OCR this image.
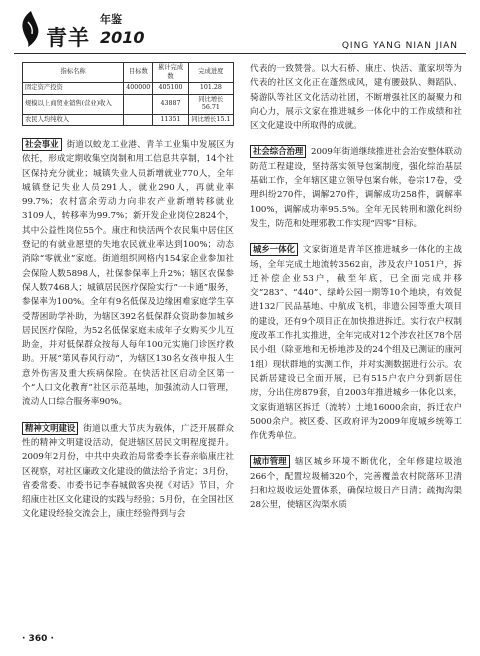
青羊
年鉴
2010	QING YANG NIAN JIAN
指标名称	目标数	累计完成数	完成进度
固定资产投资	400000	405100	101.28
规模以上商贸业销售(营业)收入		43887	同比增长56.71
农民人均纯收入		11351	同比增长15.1

社会事业 街道以蛟龙工业港、青羊工业集中发展区为依托，形成定期收集空岗制和用工信息共享制，14个社区保持充分就业；城镇失业人员新增就业770人，全年城镇登记失业人员291人，就业290人，再就业率99.7%；农村富余劳动力向非农产业新增转移就业3109人，转移率为99.7%；新开发企业岗位2824个，其中公益性岗位55个。康庄和快活两个农民集中居住区登记的有就业愿望的失地农民就业率达到100%；动态消除“零就业”家庭。街道组织网格内154家企业参加社会保险人数5898人，社保参保率上升2%；辖区农保参保人数7468人；城镇居民医疗保险实行“一卡通”服务，参保率为100%。全年有9名低保及边缘困难家庭学生享受帮困助学补助，为辖区392名低保群众资助参加城乡居民医疗保险，为52名低保家庭未成年子女购买少儿互助金，并对低保群众按每人每年100元实施门诊医疗救助。开展“第风春风行动”，为辖区130名女孩申报人生意外伤害及重大疾病保险。在快活社区启动全区第一个“人口文化教育”社区示范基地，加强流动人口管理，流动人口综合服务率90%。

精神文明建设 街道以重大节庆为载体，广泛开展群众性的精神文明建设活动，促进辖区居民文明程度提升。2009年2月份，中共中央政治局常委李长春亲临康庄社区视察，对社区廉政文化建设的做法给予肯定；3月份，省委常委、市委书记李春城做客央视《对话》节目，介绍康庄社区文化建设的实践与经验；5月份，在全国社区文化建设经验交流会上，康庄经验得到与会

代表的一致赞誉。以大石桥、康庄、快活、董家坝等为代表的社区文化正在蓬然成风，建有腰鼓队、舞蹈队、骑游队等社区文化活动社团，不断增强社区的凝聚力和向心力，展示文家在推进城乡一体化中的工作成绩和社区文化建设中所取得的成就。

社会综合治理 2009年街道继续推进社会治安整体联动防范工程建设，坚持落实领导包案制度，强化综治基层基础工作，全年辖区建立领导包案台帐，卷宗17卷，受理纠纷270件，调解270件，调解成功258件，调解率100%，调解成功率95.5%。全年无民转刑和激化纠纷发生，防范和处理邪教工作实现“四零”目标。

城乡一体化 文家街道是青羊区推进城乡一体化的主战场，全年完成土地流转3562亩，涉及农户1051户，拆迁补偿企业53户，截至年底，已全面完成并移交“283”、“440”、绿岭公园一期等10个地块，有效促进132厂民品基地、中航成飞机，非遗公园等重大项目的建设，还有9个项目正在加快推进拆迁。实行农户权制度改革工作扎实推进，全年完成对12个涉农社区78个居民小组（除亚地和无桥地涉及的24个组及已测证的康河1组）现状群地的实测工作，并对实测数据进行公示。农民新居建设已全面开展，已有515户农户分到新居住房，分出住房879套，自2003年推进城乡一体化以来，文家街道辖区拆迁（流转）土地16000余亩，拆迁农户5000余户。被区委、区政府评为2009年度城乡统筹工作优秀单位。

城市管理 辖区城乡环境不断优化，全年修建垃圾池266个，配置垃圾桶320个，完善覆盖农村院落环卫清扫和垃圾收运处置体系，确保垃圾日产日清；疏掏沟渠28公里，使辖区沟渠水质

· 360 ·
